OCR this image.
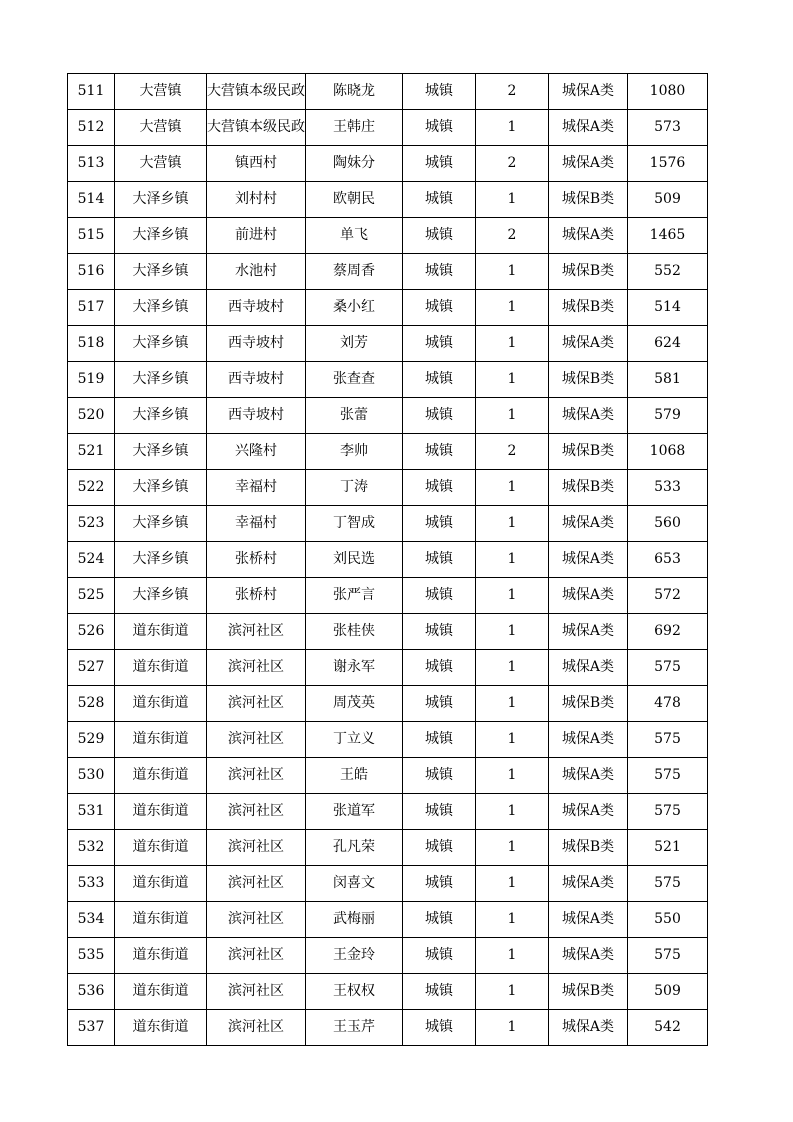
511	大营镇	大营镇本级民政	陈晓龙	城镇	2	城保A类	1080
512	大营镇	大营镇本级民政	王韩庄	城镇	1	城保A类	573
513	大营镇	镇西村	陶妹分	城镇	2	城保A类	1576
514	大泽乡镇	刘村村	欧朝民	城镇	1	城保B类	509
515	大泽乡镇	前进村	单飞	城镇	2	城保A类	1465
516	大泽乡镇	水池村	蔡周香	城镇	1	城保B类	552
517	大泽乡镇	西寺坡村	桑小红	城镇	1	城保B类	514
518	大泽乡镇	西寺坡村	刘芳	城镇	1	城保A类	624
519	大泽乡镇	西寺坡村	张查查	城镇	1	城保B类	581
520	大泽乡镇	西寺坡村	张蕾	城镇	1	城保A类	579
521	大泽乡镇	兴隆村	李帅	城镇	2	城保B类	1068
522	大泽乡镇	幸福村	丁涛	城镇	1	城保B类	533
523	大泽乡镇	幸福村	丁智成	城镇	1	城保A类	560
524	大泽乡镇	张桥村	刘民选	城镇	1	城保A类	653
525	大泽乡镇	张桥村	张严言	城镇	1	城保A类	572
526	道东街道	滨河社区	张桂侠	城镇	1	城保A类	692
527	道东街道	滨河社区	谢永军	城镇	1	城保A类	575
528	道东街道	滨河社区	周茂英	城镇	1	城保B类	478
529	道东街道	滨河社区	丁立义	城镇	1	城保A类	575
530	道东街道	滨河社区	王皓	城镇	1	城保A类	575
531	道东街道	滨河社区	张道军	城镇	1	城保A类	575
532	道东街道	滨河社区	孔凡荣	城镇	1	城保B类	521
533	道东街道	滨河社区	闵喜文	城镇	1	城保A类	575
534	道东街道	滨河社区	武梅丽	城镇	1	城保A类	550
535	道东街道	滨河社区	王金玲	城镇	1	城保A类	575
536	道东街道	滨河社区	王权权	城镇	1	城保B类	509
537	道东街道	滨河社区	王玉芹	城镇	1	城保A类	542
